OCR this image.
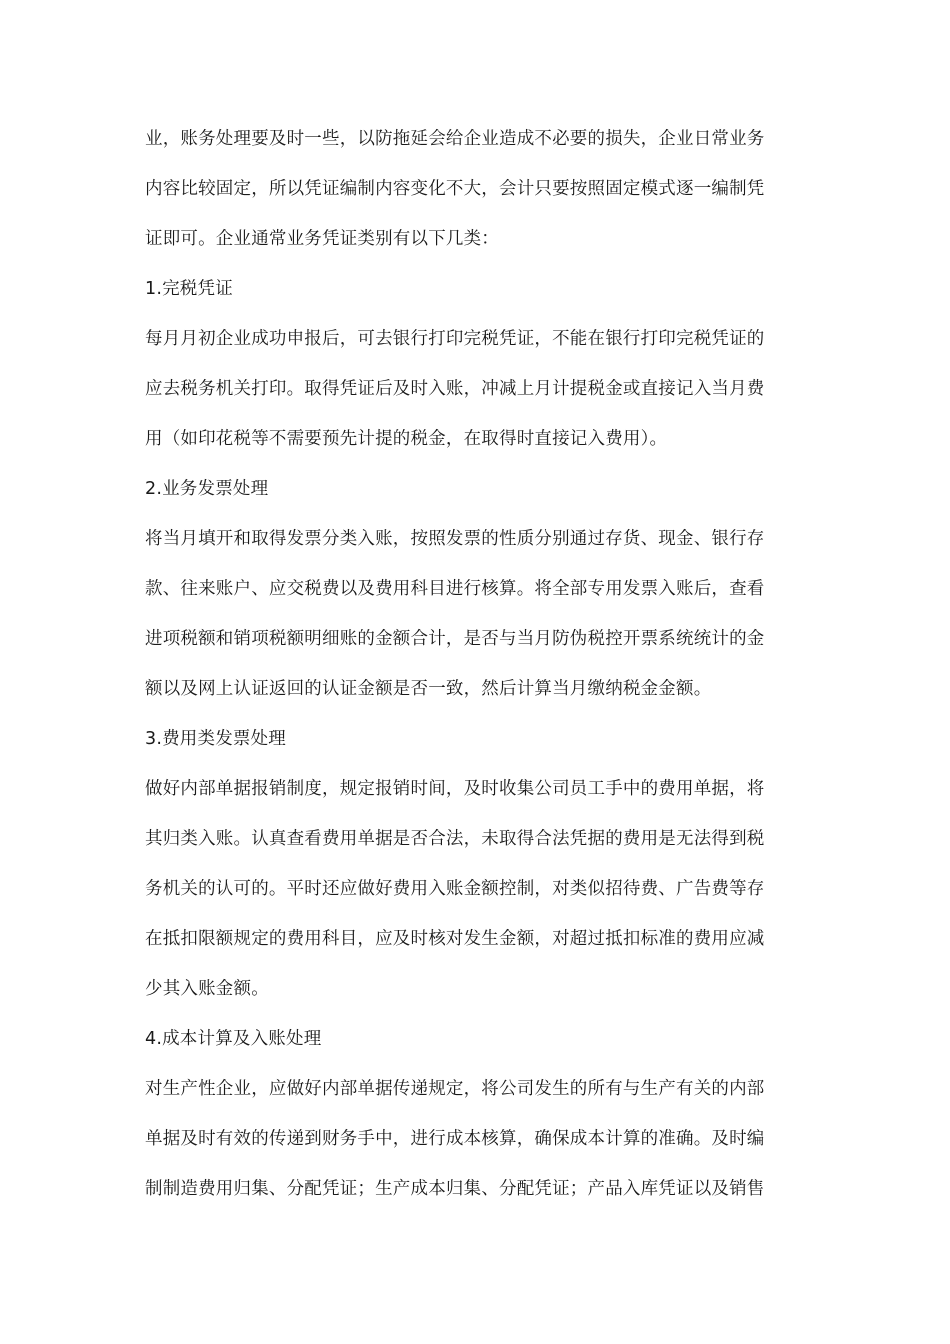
业，账务处理要及时一些，以防拖延会给企业造成不必要的损失，企业日常业务
内容比较固定，所以凭证编制内容变化不大，会计只要按照固定模式逐一编制凭
证即可。企业通常业务凭证类别有以下几类：
1.完税凭证
每月月初企业成功申报后，可去银行打印完税凭证，不能在银行打印完税凭证的
应去税务机关打印。取得凭证后及时入账，冲减上月计提税金或直接记入当月费
用（如印花税等不需要预先计提的税金，在取得时直接记入费用）。
2.业务发票处理
将当月填开和取得发票分类入账，按照发票的性质分别通过存货、现金、银行存
款、往来账户、应交税费以及费用科目进行核算。将全部专用发票入账后，查看
进项税额和销项税额明细账的金额合计，是否与当月防伪税控开票系统统计的金
额以及网上认证返回的认证金额是否一致，然后计算当月缴纳税金金额。
3.费用类发票处理
做好内部单据报销制度，规定报销时间，及时收集公司员工手中的费用单据，将
其归类入账。认真查看费用单据是否合法，未取得合法凭据的费用是无法得到税
务机关的认可的。平时还应做好费用入账金额控制，对类似招待费、广告费等存
在抵扣限额规定的费用科目，应及时核对发生金额，对超过抵扣标准的费用应减
少其入账金额。
4.成本计算及入账处理
对生产性企业，应做好内部单据传递规定，将公司发生的所有与生产有关的内部
单据及时有效的传递到财务手中，进行成本核算，确保成本计算的准确。及时编
制制造费用归集、分配凭证；生产成本归集、分配凭证；产品入库凭证以及销售
